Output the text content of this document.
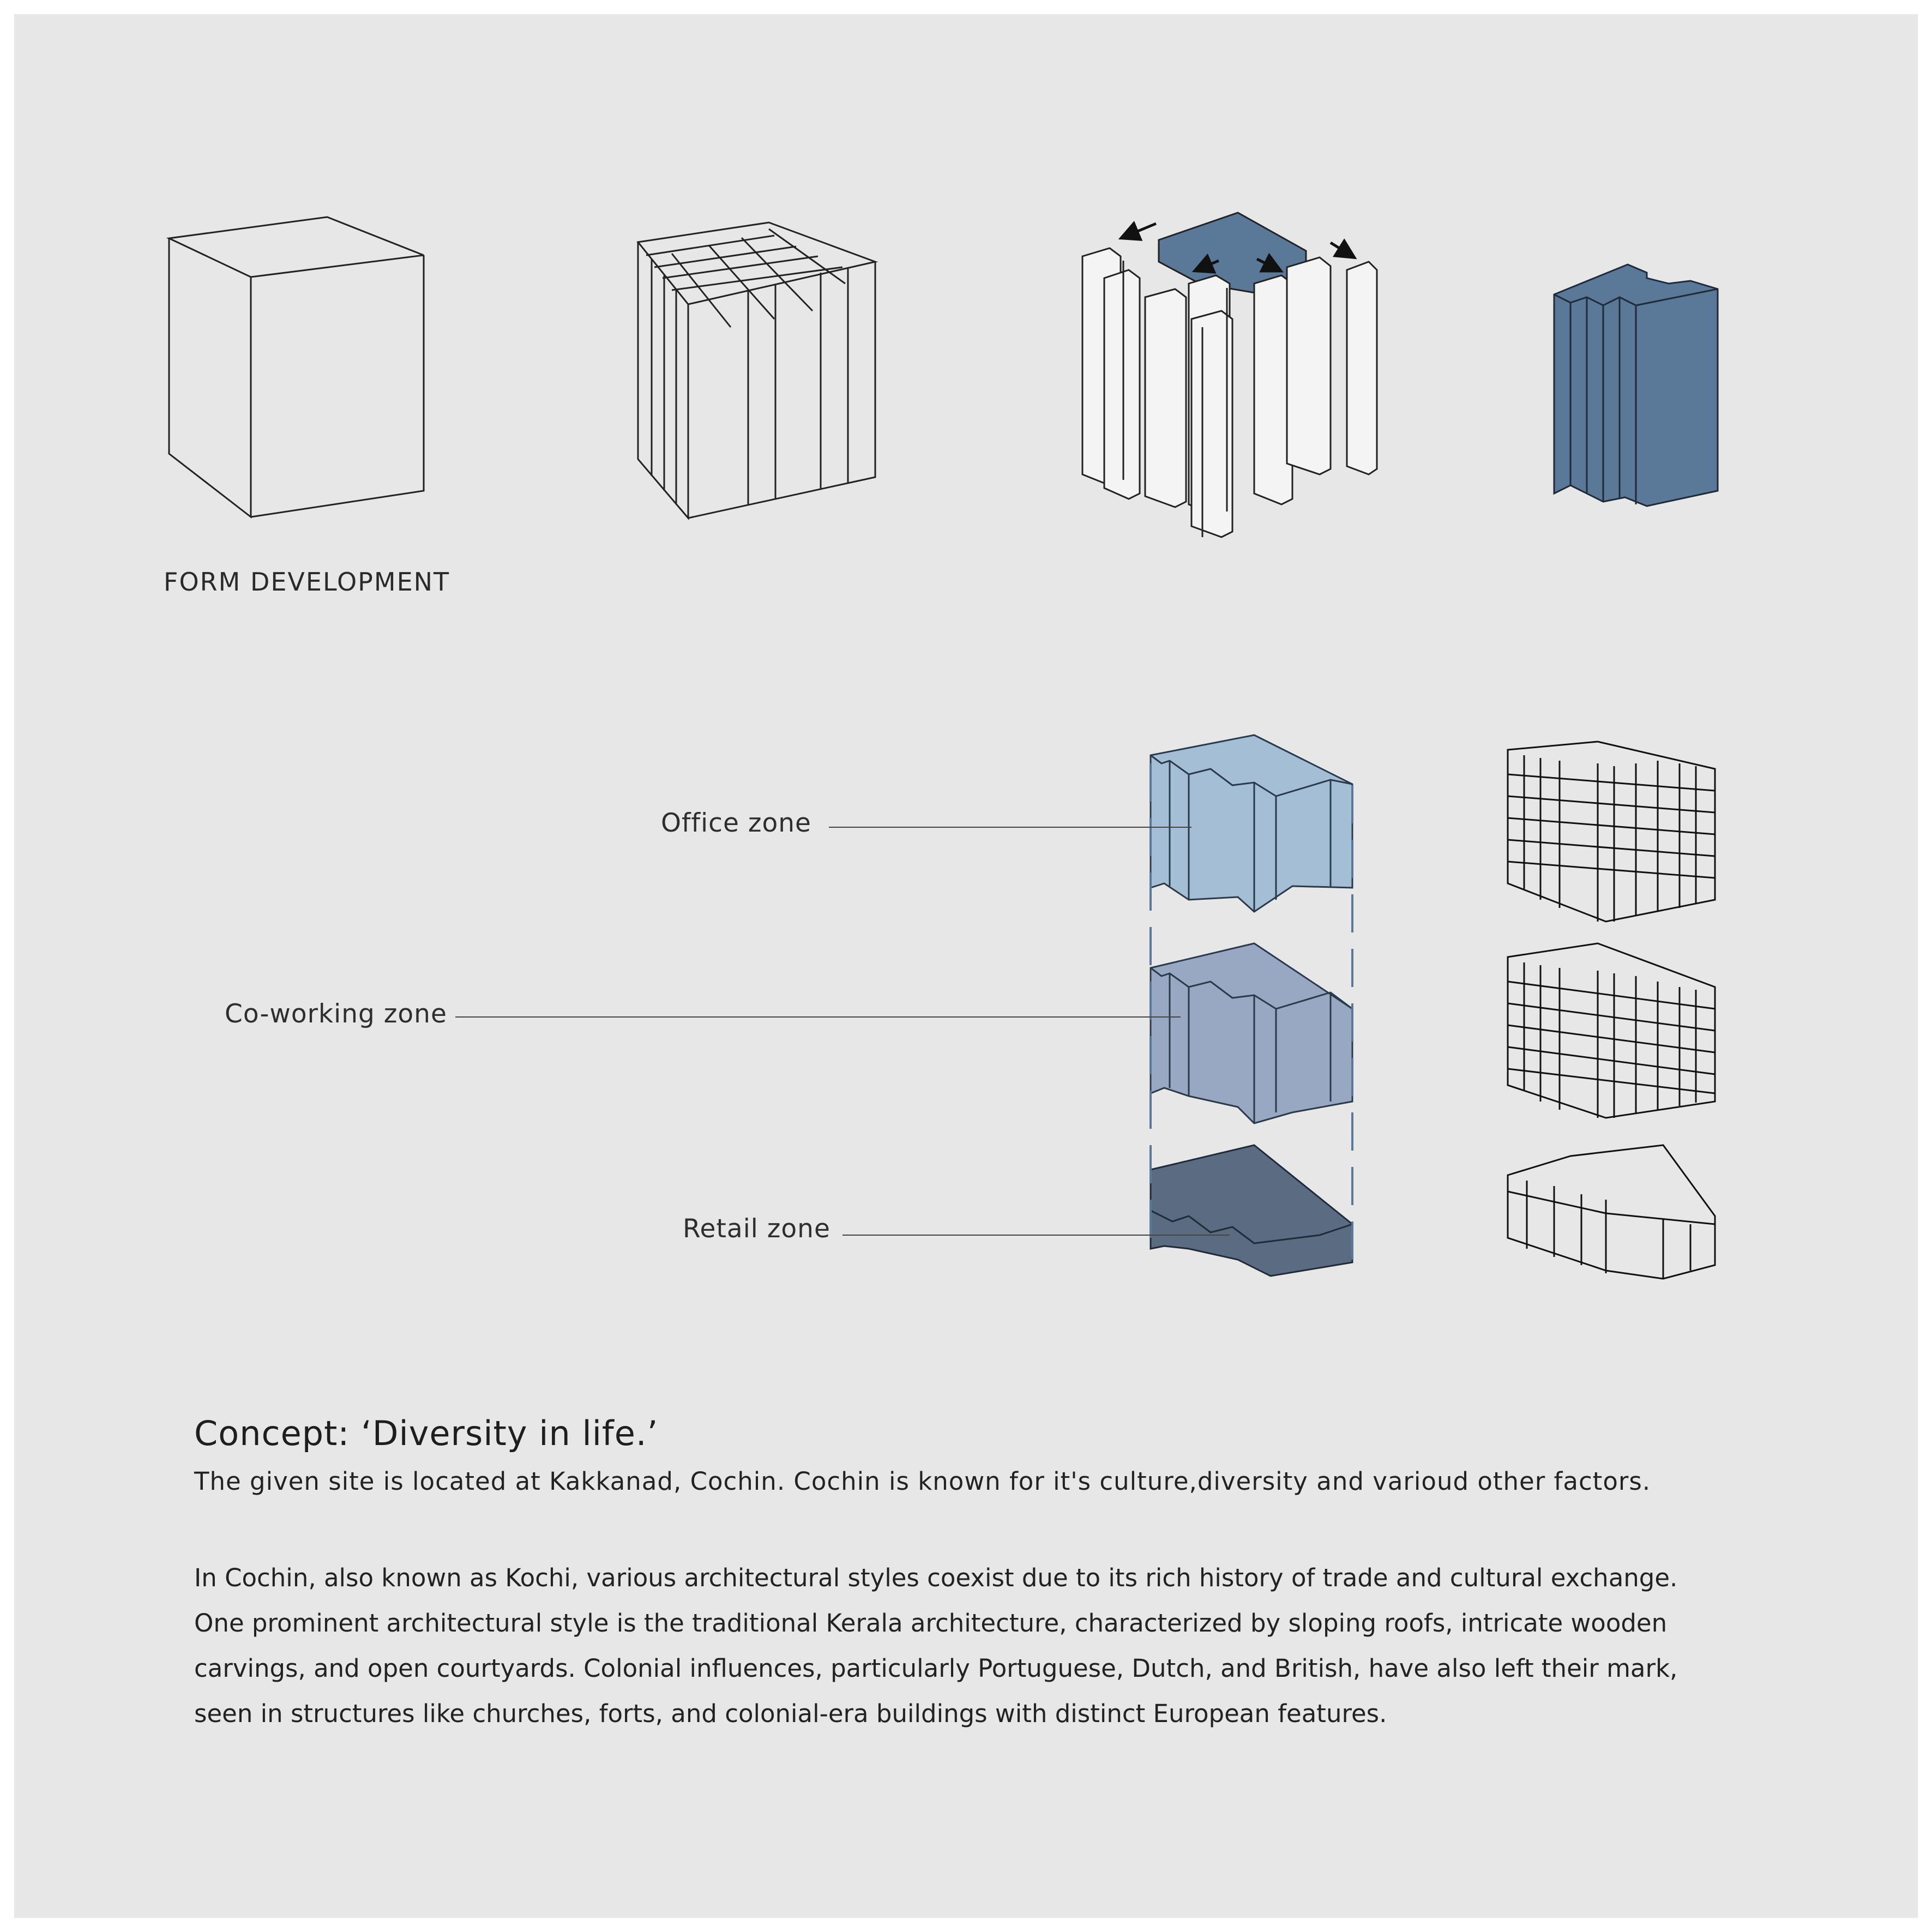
FORM DEVELOPMENT
Office zone
Co-working zone
Retail zone
Concept: ‘Diversity in life.’
The given site is located at Kakkanad, Cochin. Cochin is known for it's culture,diversity and varioud other factors.
In Cochin, also known as Kochi, various architectural styles coexist due to its rich history of trade and cultural exchange. One prominent architectural style is the traditional Kerala architecture, characterized by sloping roofs, intricate wooden carvings, and open courtyards. Colonial influences, particularly Portuguese, Dutch, and British, have also left their mark, seen in structures like churches, forts, and colonial-era buildings with distinct European features.
